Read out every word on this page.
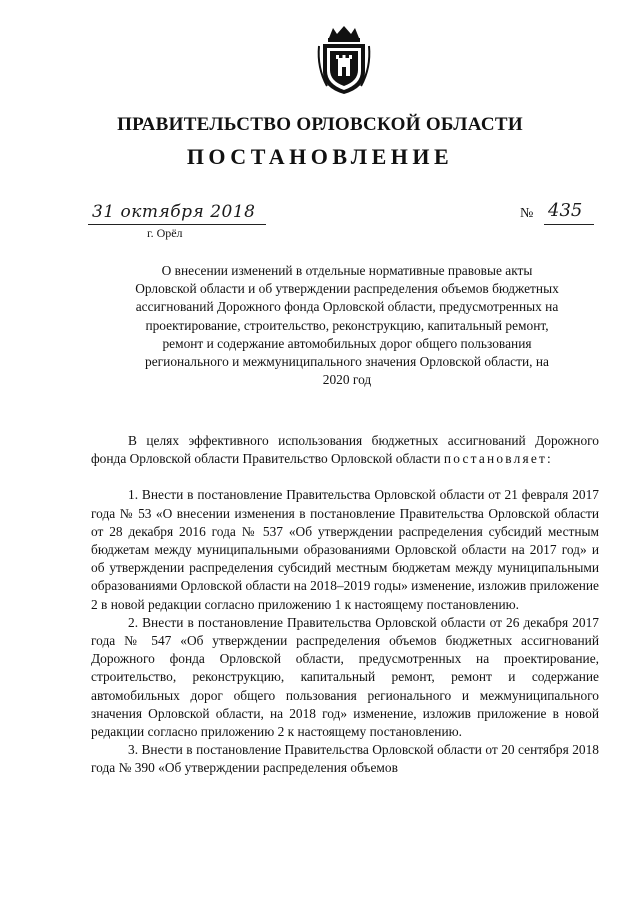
ПРАВИТЕЛЬСТВО ОРЛОВСКОЙ ОБЛАСТИ
ПОСТАНОВЛЕНИЕ
31 октября 2018
г. Орёл
№ 435
О внесении изменений в отдельные нормативные правовые акты Орловской области и об утверждении распределения объемов бюджетных ассигнований Дорожного фонда Орловской области, предусмотренных на проектирование, строительство, реконструкцию, капитальный ремонт, ремонт и содержание автомобильных дорог общего пользования регионального и межмуниципального значения Орловской области, на 2020 год

В целях эффективного использования бюджетных ассигнований Дорожного фонда Орловской области Правительство Орловской области постановляет:

1. Внести в постановление Правительства Орловской области от 21 февраля 2017 года № 53 «О внесении изменения в постановление Правительства Орловской области от 28 декабря 2016 года № 537 «Об утверждении распределения субсидий местным бюджетам между муниципальными образованиями Орловской области на 2017 год» и об утверждении распределения субсидий местным бюджетам между муниципальными образованиями Орловской области на 2018–2019 годы» изменение, изложив приложение 2 в новой редакции согласно приложению 1 к настоящему постановлению.

2. Внести в постановление Правительства Орловской области от 26 декабря 2017 года № 547 «Об утверждении распределения объемов бюджетных ассигнований Дорожного фонда Орловской области, предусмотренных на проектирование, строительство, реконструкцию, капитальный ремонт, ремонт и содержание автомобильных дорог общего пользования регионального и межмуниципального значения Орловской области, на 2018 год» изменение, изложив приложение в новой редакции согласно приложению 2 к настоящему постановлению.

3. Внести в постановление Правительства Орловской области от 20 сентября 2018 года № 390 «Об утверждении распределения объемов
